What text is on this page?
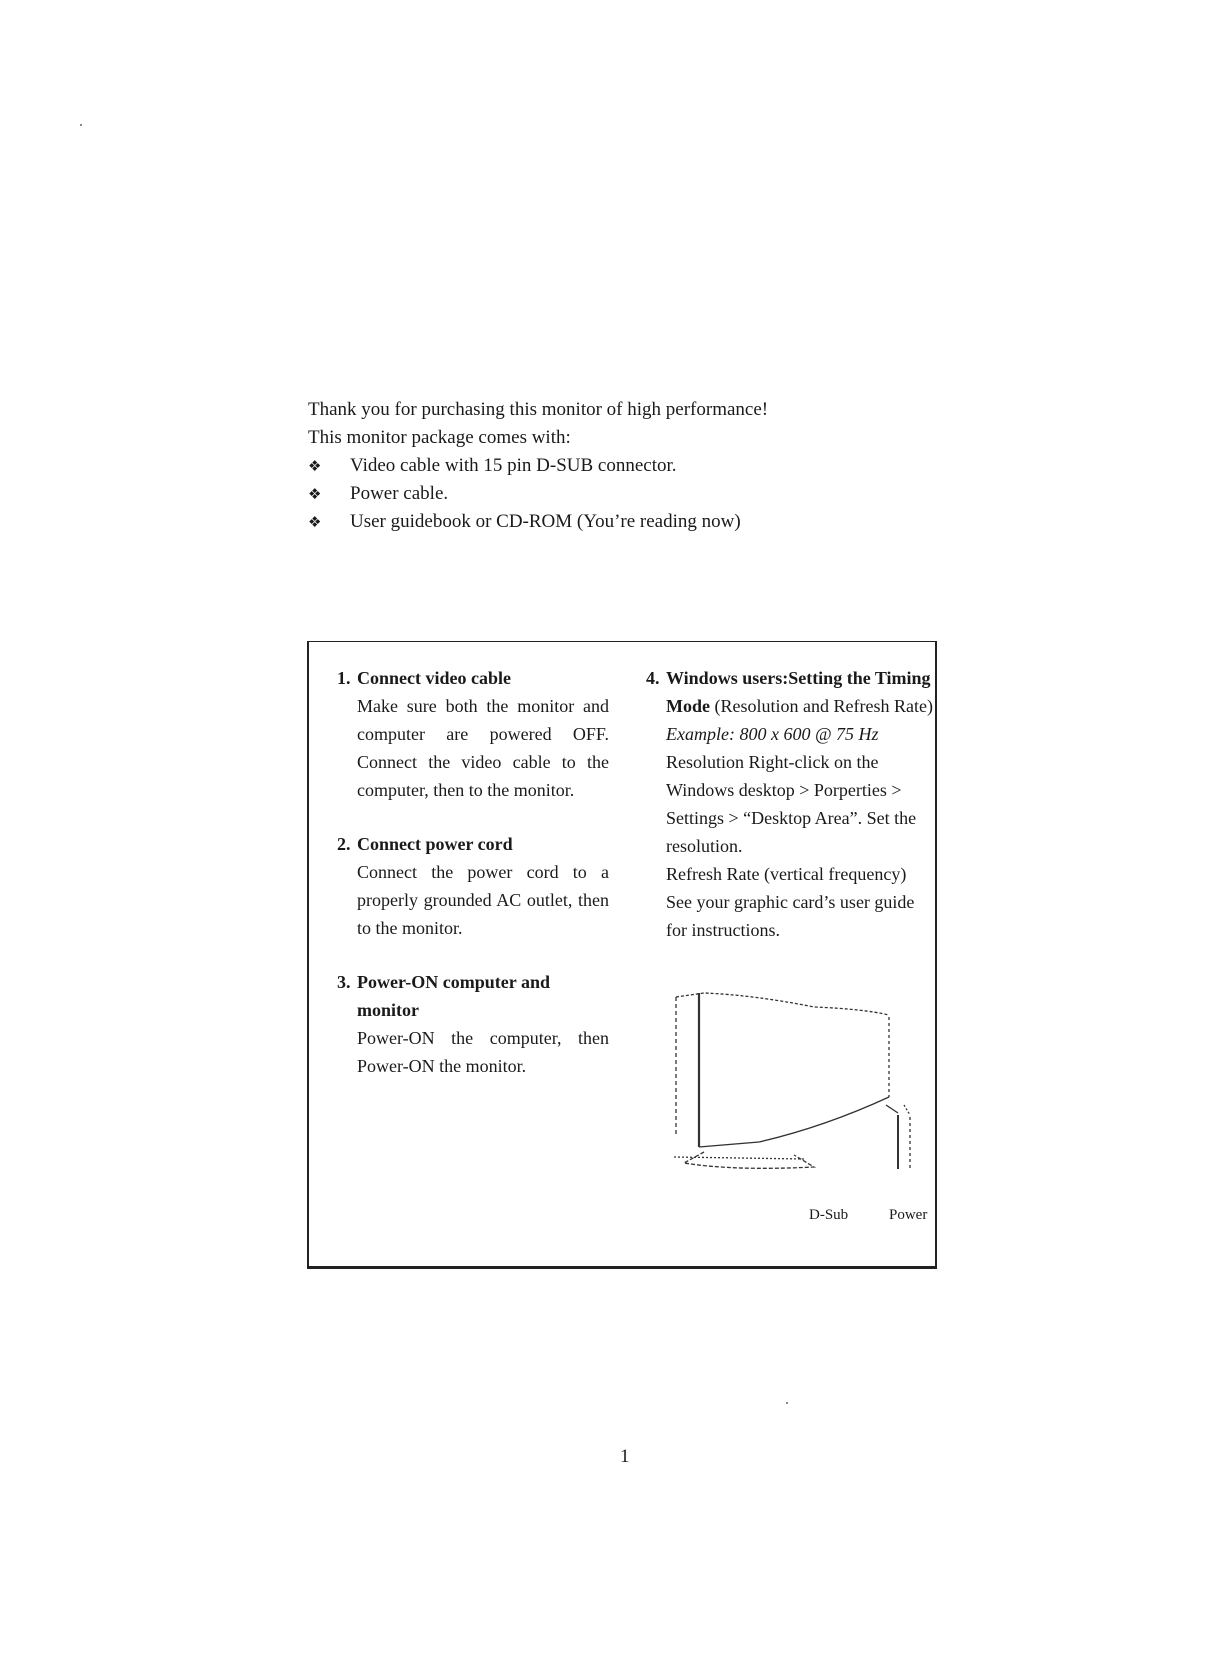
Thank you for purchasing this monitor of high performance!

This monitor package comes with:

❖ Video cable with 15 pin D-SUB connector.
❖ Power cable.
❖ User guidebook or CD-ROM (You’re reading now)
1. Connect video cable
Make sure both the monitor and computer are powered OFF. Connect the video cable to the computer, then to the monitor.
2. Connect power cord
Connect the power cord to a properly grounded AC outlet, then to the monitor.
3. Power-ON computer and monitor
Power-ON the computer, then Power-ON the monitor.
4. Windows users:Setting the Timing Mode (Resolution and Refresh Rate)
Example: 800 x 600 @ 75 Hz
Resolution Right-click on the Windows desktop > Porperties > Settings > “Desktop Area”. Set the resolution.
Refresh Rate (vertical frequency) See your graphic card’s user guide for instructions.
D-Sub	Power
1
